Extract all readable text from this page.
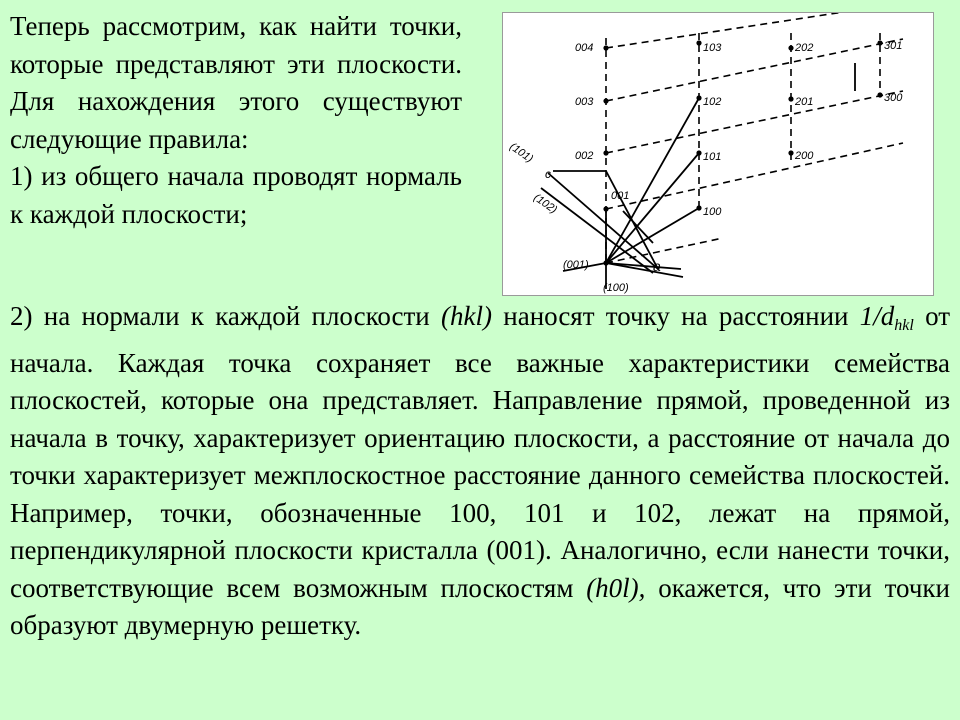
Теперь рассмотрим, как найти точки, которые представляют эти плоскости. Для нахождения этого существуют следующие правила:

1) из общего начала проводят нормаль к каждой плоскости;

004
003
002
001
103
102
101
100
202
201
200
301
300
(101)
(102)
(001)
(100)
a
c

2) на нормали к каждой плоскости (hkl) наносят точку на расстоянии $1/d_{hkl}$ от начала. Каждая точка сохраняет все важные характеристики семейства плоскостей, которые она представляет. Направление прямой, проведенной из начала в точку, характеризует ориентацию плоскости, а расстояние от начала до точки характеризует межплоскостное расстояние данного семейства плоскостей. Например, точки, обозначенные 100, 101 и 102, лежат на прямой, перпендикулярной плоскости кристалла (001). Аналогично, если нанести точки, соответствующие всем возможным плоскостям (h0l), окажется, что эти точки образуют двумерную решетку.
